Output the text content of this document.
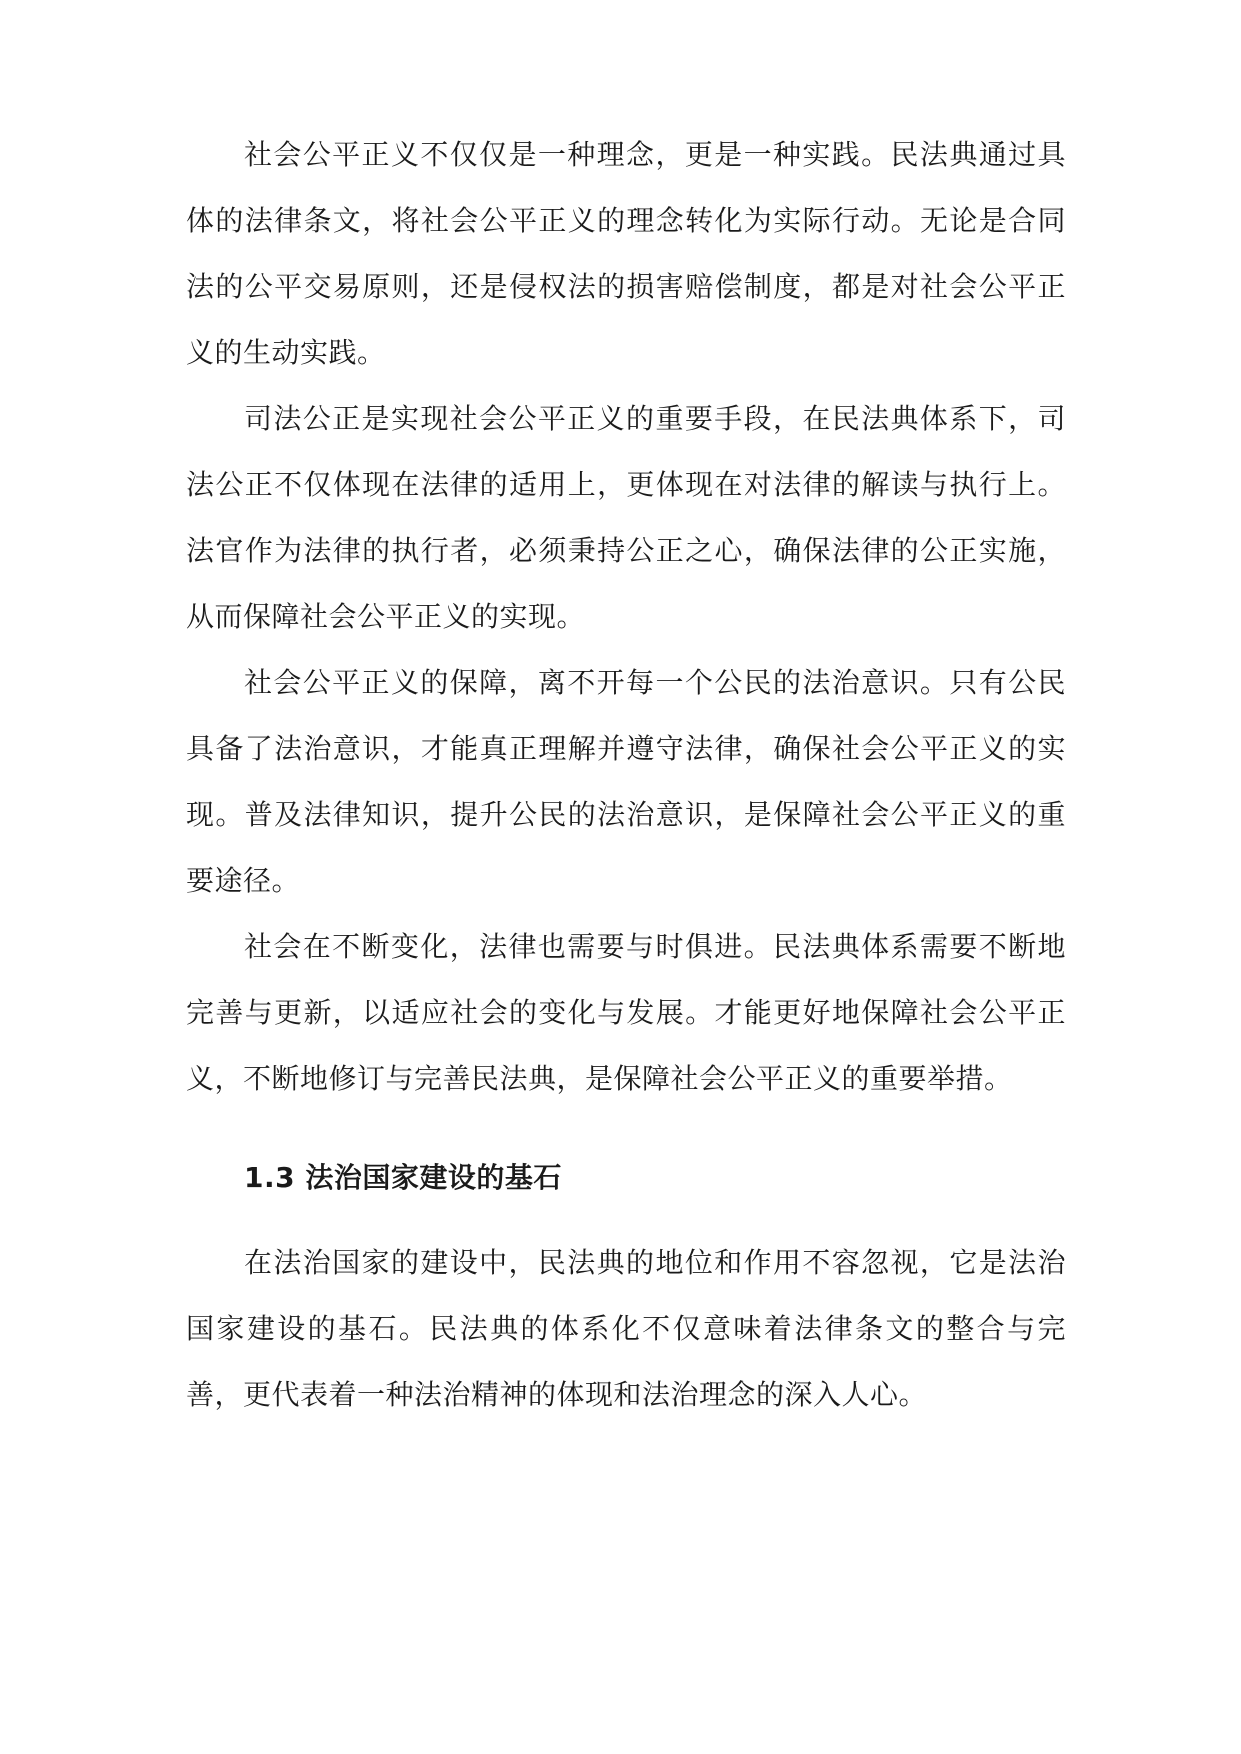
社会公平正义不仅仅是一种理念，更是一种实践。民法典通过具体的法律条文，将社会公平正义的理念转化为实际行动。无论是合同法的公平交易原则，还是侵权法的损害赔偿制度，都是对社会公平正义的生动实践。

司法公正是实现社会公平正义的重要手段，在民法典体系下，司法公正不仅体现在法律的适用上，更体现在对法律的解读与执行上。法官作为法律的执行者，必须秉持公正之心，确保法律的公正实施，从而保障社会公平正义的实现。

社会公平正义的保障，离不开每一个公民的法治意识。只有公民具备了法治意识，才能真正理解并遵守法律，确保社会公平正义的实现。普及法律知识，提升公民的法治意识，是保障社会公平正义的重要途径。

社会在不断变化，法律也需要与时俱进。民法典体系需要不断地完善与更新，以适应社会的变化与发展。才能更好地保障社会公平正义，不断地修订与完善民法典，是保障社会公平正义的重要举措。

1.3 法治国家建设的基石

在法治国家的建设中，民法典的地位和作用不容忽视，它是法治国家建设的基石。民法典的体系化不仅意味着法律条文的整合与完善，更代表着一种法治精神的体现和法治理念的深入人心。
